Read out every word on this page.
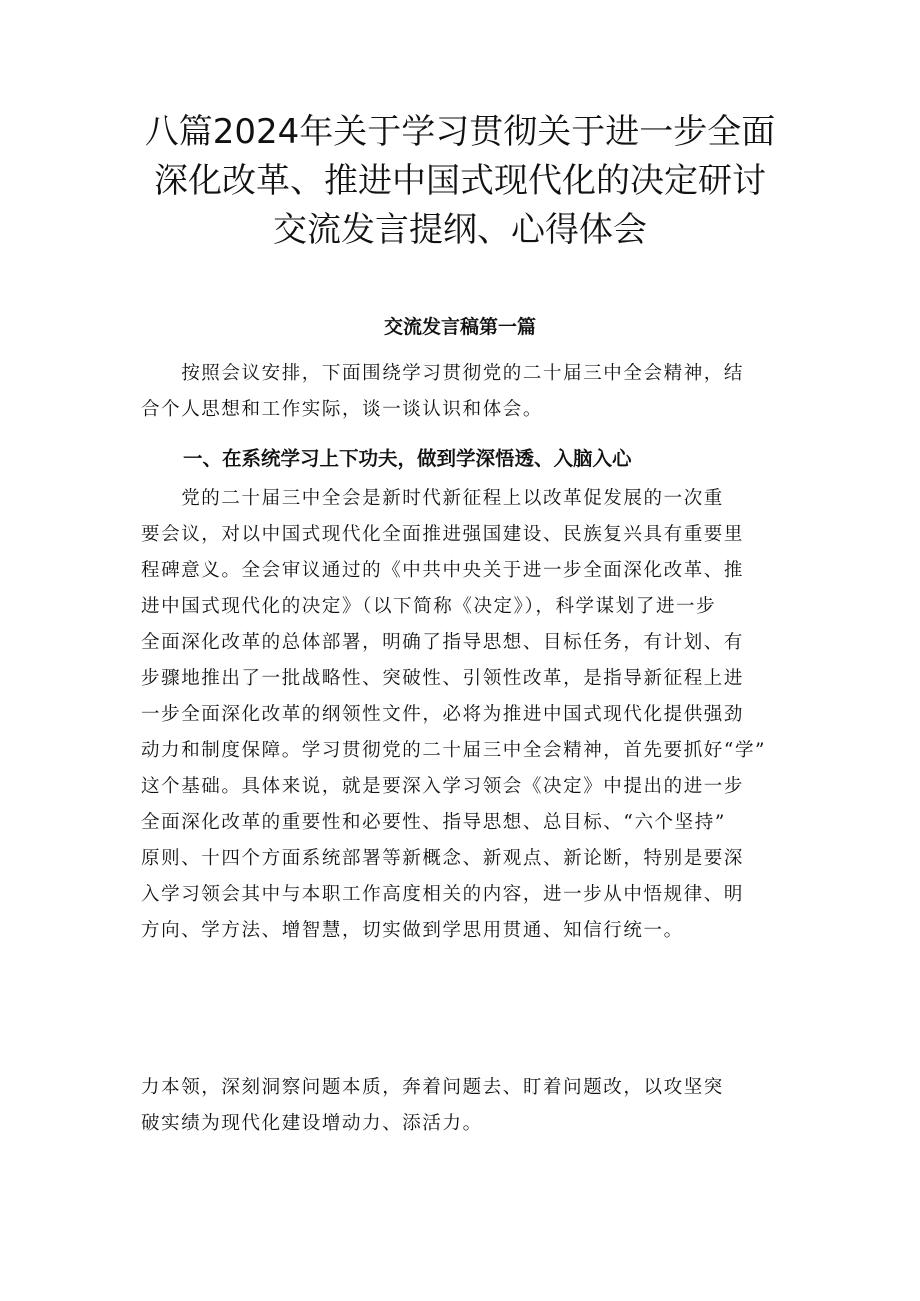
八篇2024年关于学习贯彻关于进一步全面
深化改革、推进中国式现代化的决定研讨
交流发言提纲、心得体会
交流发言稿第一篇

　　按照会议安排，下面围绕学习贯彻党的二十届三中全会精神，结
合个人思想和工作实际，谈一谈认识和体会。

一、在系统学习上下功夫，做到学深悟透、入脑入心

　　党的二十届三中全会是新时代新征程上以改革促发展的一次重
要会议，对以中国式现代化全面推进强国建设、民族复兴具有重要里
程碑意义。全会审议通过的《中共中央关于进一步全面深化改革、推
进中国式现代化的决定》（以下简称《决定》），科学谋划了进一步
全面深化改革的总体部署，明确了指导思想、目标任务，有计划、有
步骤地推出了一批战略性、突破性、引领性改革，是指导新征程上进
一步全面深化改革的纲领性文件，必将为推进中国式现代化提供强劲
动力和制度保障。学习贯彻党的二十届三中全会精神，首先要抓好“学”
这个基础。具体来说，就是要深入学习领会《决定》中提出的进一步
全面深化改革的重要性和必要性、指导思想、总目标、“六个坚持”
原则、十四个方面系统部署等新概念、新观点、新论断，特别是要深
入学习领会其中与本职工作高度相关的内容，进一步从中悟规律、明
方向、学方法、增智慧，切实做到学思用贯通、知信行统一。

力本领，深刻洞察问题本质，奔着问题去、盯着问题改，以攻坚突
破实绩为现代化建设增动力、添活力。
